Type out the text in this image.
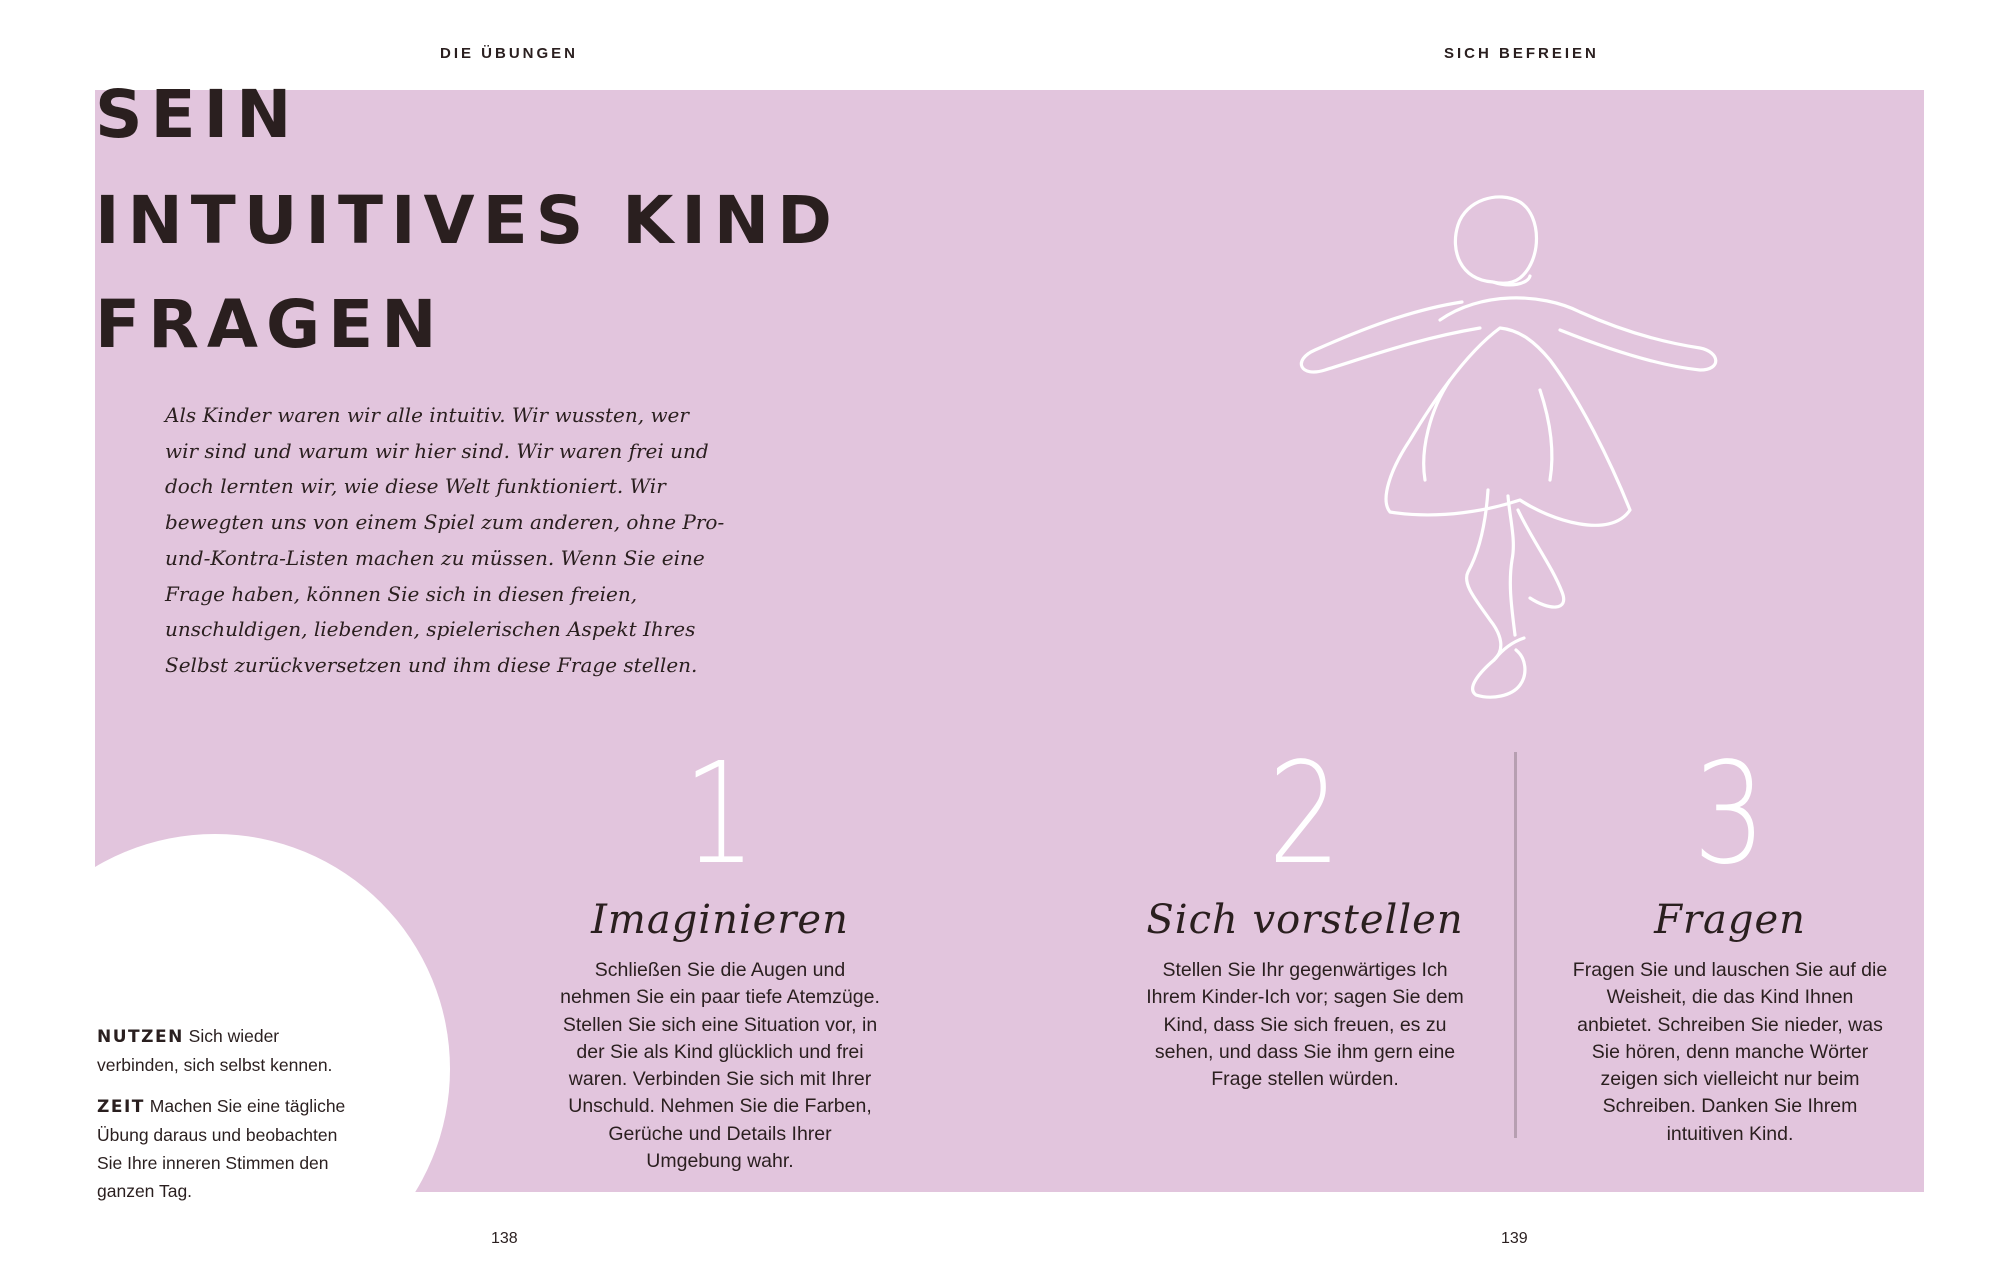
DIE ÜBUNGEN	SICH BEFREIEN
SEIN
INTUITIVES KIND
FRAGEN

Als Kinder waren wir alle intuitiv. Wir wussten, wer wir sind und warum wir hier sind. Wir waren frei und doch lernten wir, wie diese Welt funktioniert. Wir bewegten uns von einem Spiel zum anderen, ohne Pro-und-Kontra-Listen machen zu müssen. Wenn Sie eine Frage haben, können Sie sich in diesen freien, unschuldigen, liebenden, spielerischen Aspekt Ihres Selbst zurückversetzen und ihm diese Frage stellen.

1
Imaginieren
Schließen Sie die Augen und nehmen Sie ein paar tiefe Atemzüge. Stellen Sie sich eine Situation vor, in der Sie als Kind glücklich und frei waren. Verbinden Sie sich mit Ihrer Unschuld. Nehmen Sie die Farben, Gerüche und Details Ihrer Umgebung wahr.
2
Sich vorstellen
Stellen Sie Ihr gegenwärtiges Ich Ihrem Kinder-Ich vor; sagen Sie dem Kind, dass Sie sich freuen, es zu sehen, und dass Sie ihm gern eine Frage stellen würden.
3
Fragen
Fragen Sie und lauschen Sie auf die Weisheit, die das Kind Ihnen anbietet. Schreiben Sie nieder, was Sie hören, denn manche Wörter zeigen sich vielleicht nur beim Schreiben. Danken Sie Ihrem intuitiven Kind.

NUTZEN Sich wieder verbinden, sich selbst kennen.

ZEIT Machen Sie eine tägliche Übung daraus und beobachten Sie Ihre inneren Stimmen den ganzen Tag.

138	139
